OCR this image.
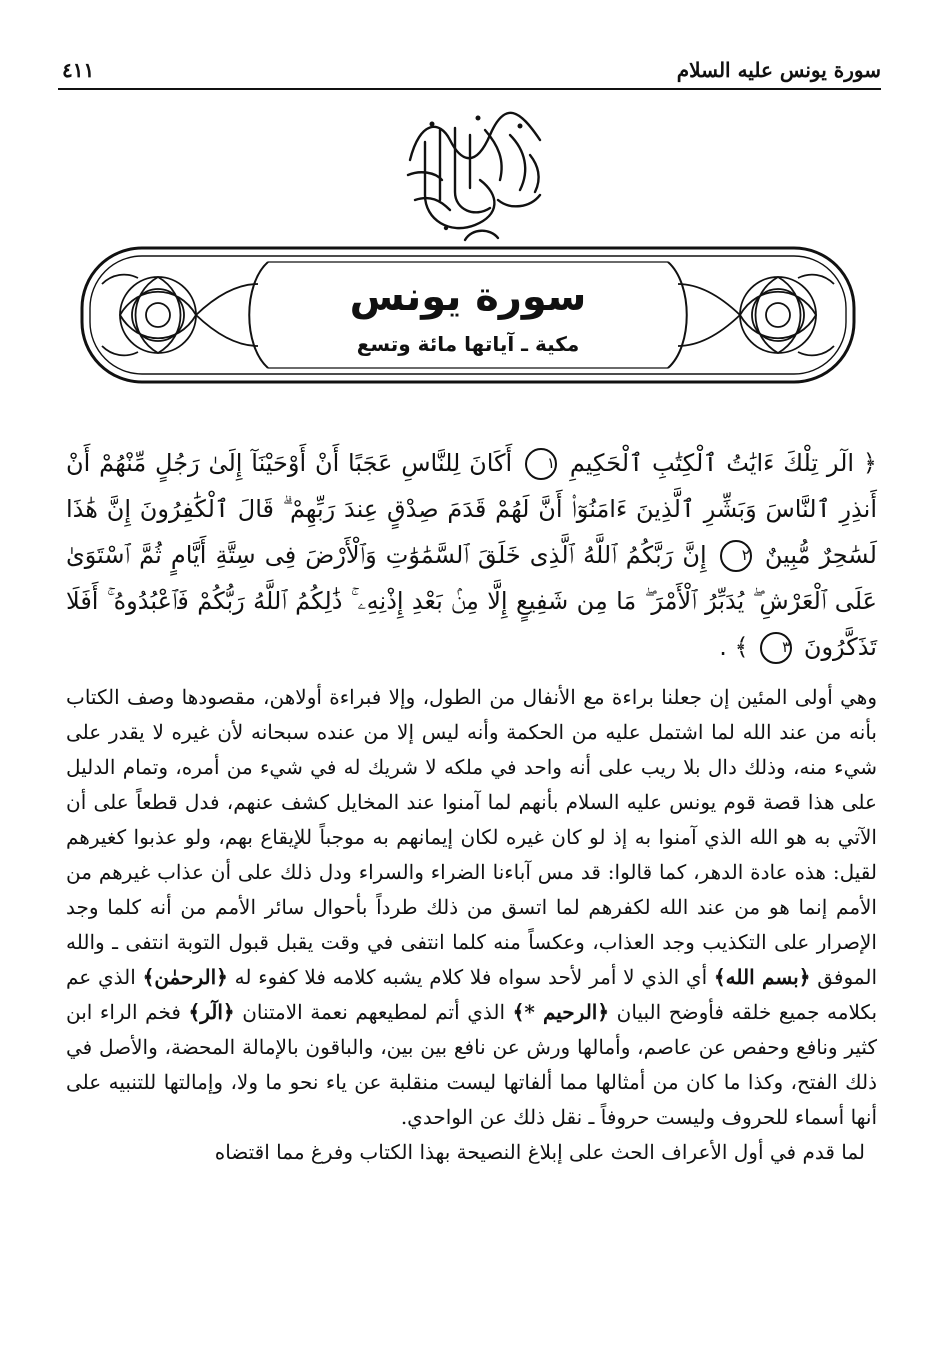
سورة يونس عليه السلام
٤١١
سورة يونس
مكية ـ آياتها مائة وتسع
﴿ الٓر تِلْكَ ءَايَٰتُ ٱلْكِتَٰبِ ٱلْحَكِيمِ ١ أَكَانَ لِلنَّاسِ عَجَبًا أَنْ أَوْحَيْنَآ إِلَىٰ رَجُلٍ مِّنْهُمْ أَنْ أَنذِرِ ٱلنَّاسَ وَبَشِّرِ ٱلَّذِينَ ءَامَنُوٓا۟ أَنَّ لَهُمْ قَدَمَ صِدْقٍ عِندَ رَبِّهِمْ ۗ قَالَ ٱلْكَٰفِرُونَ إِنَّ هَٰذَا لَسَٰحِرٌ مُّبِينٌ ٢ إِنَّ رَبَّكُمُ ٱللَّهُ ٱلَّذِى خَلَقَ ٱلسَّمَٰوَٰتِ وَٱلْأَرْضَ فِى سِتَّةِ أَيَّامٍ ثُمَّ ٱسْتَوَىٰ عَلَى ٱلْعَرْشِ ۖ يُدَبِّرُ ٱلْأَمْرَ ۖ مَا مِن شَفِيعٍ إِلَّا مِنۢ بَعْدِ إِذْنِهِۦ ۚ ذَٰلِكُمُ ٱللَّهُ رَبُّكُمْ فَٱعْبُدُوهُ ۚ أَفَلَا تَذَكَّرُونَ ٣ ﴾ .

وهي أولى المئين إن جعلنا براءة مع الأنفال من الطول، وإلا فبراءة أولاهن، مقصودها وصف الكتاب بأنه من عند الله لما اشتمل عليه من الحكمة وأنه ليس إلا من عنده سبحانه لأن غيره لا يقدر على شيء منه، وذلك دال بلا ريب على أنه واحد في ملكه لا شريك له في شيء من أمره، وتمام الدليل على هذا قصة قوم يونس عليه السلام بأنهم لما آمنوا عند المخايل كشف عنهم، فدل قطعاً على أن الآتي به هو الله الذي آمنوا به إذ لو كان غيره لكان إيمانهم به موجباً للإيقاع بهم، ولو عذبوا كغيرهم لقيل: هذه عادة الدهر، كما قالوا: قد مس آباءنا الضراء والسراء ودل ذلك على أن عذاب غيرهم من الأمم إنما هو من عند الله لكفرهم لما اتسق من ذلك طرداً بأحوال سائر الأمم من أنه كلما وجد الإصرار على التكذيب وجد العذاب، وعكساً منه كلما انتفى في وقت يقبل قبول التوبة انتفى ـ والله الموفق ﴿بسم الله﴾ أي الذي لا أمر لأحد سواه فلا كلام يشبه كلامه فلا كفوء له ﴿الرحمٰن﴾ الذي عم بكلامه جميع خلقه فأوضح البيان ﴿الرحيم *﴾ الذي أتم لمطيعهم نعمة الامتنان ﴿الٓر﴾ فخم الراء ابن كثير ونافع وحفص عن عاصم، وأمالها ورش عن نافع بين بين، والباقون بالإمالة المحضة، والأصل في ذلك الفتح، وكذا ما كان من أمثالها مما ألفاتها ليست منقلبة عن ياء نحو ما ولا، وإمالتها للتنبيه على أنها أسماء للحروف وليست حروفاً ـ نقل ذلك عن الواحدي.

لما قدم في أول الأعراف الحث على إبلاغ النصيحة بهذا الكتاب وفرغ مما اقتضاه
